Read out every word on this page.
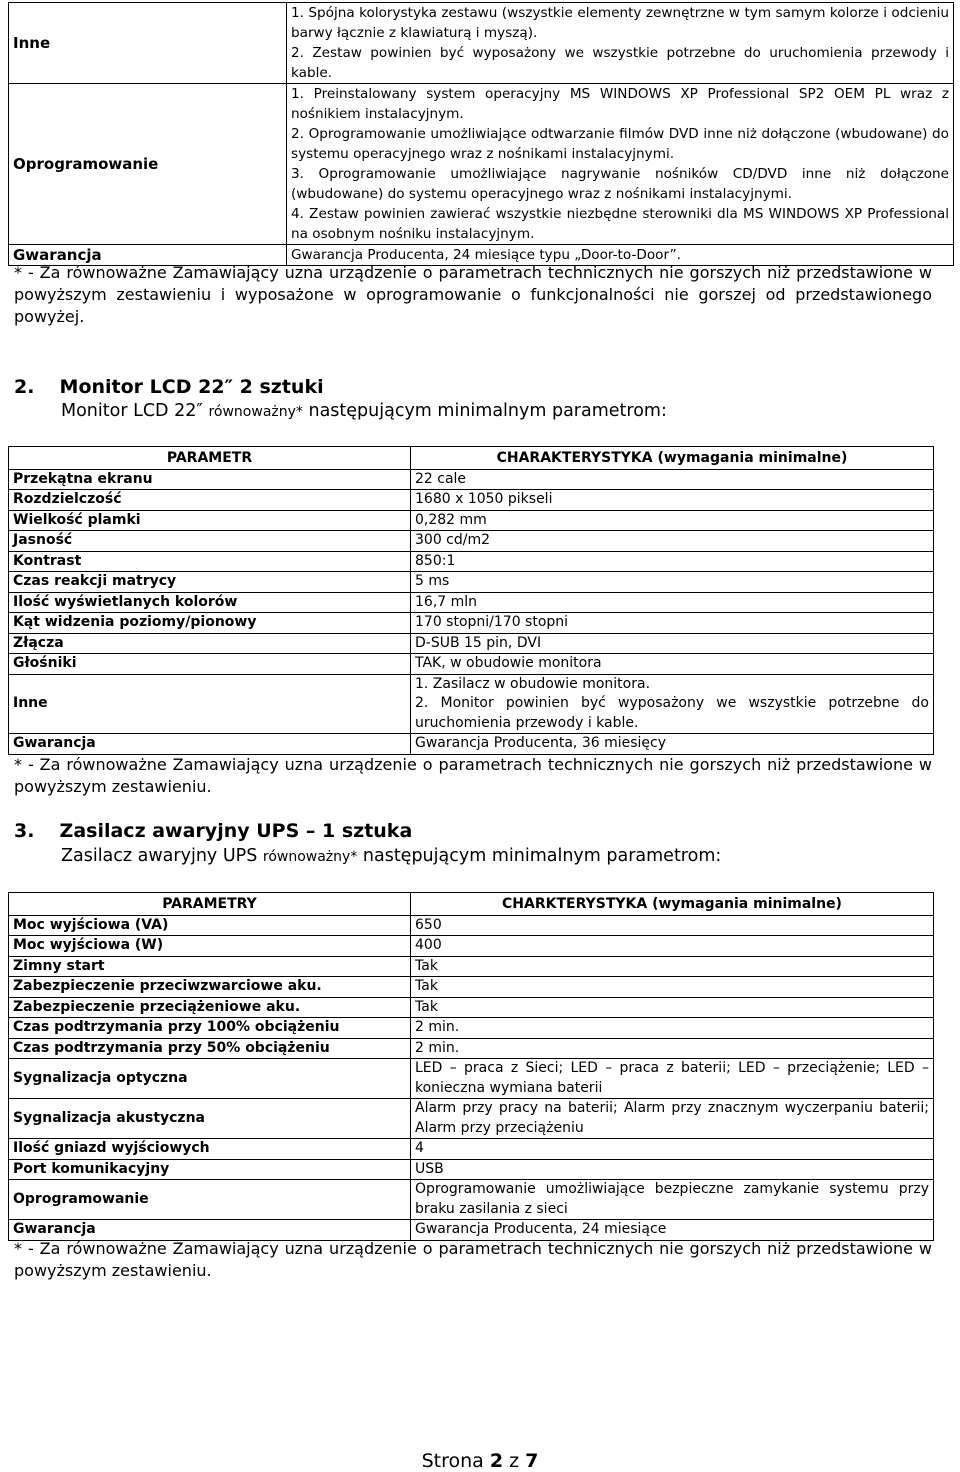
Inne	1. Spójna kolorystyka zestawu (wszystkie elementy zewnętrzne w tym samym kolorze i odcieniu barwy łącznie z klawiaturą i myszą).
2. Zestaw powinien być wyposażony we wszystkie potrzebne do uruchomienia przewody i kable.

Oprogramowanie	1. Preinstalowany system operacyjny MS WINDOWS XP Professional SP2 OEM PL wraz z nośnikiem instalacyjnym.
2. Oprogramowanie umożliwiające odtwarzanie filmów DVD inne niż dołączone (wbudowane) do systemu operacyjnego wraz z nośnikami instalacyjnymi.
3. Oprogramowanie umożliwiające nagrywanie nośników CD/DVD inne niż dołączone (wbudowane) do systemu operacyjnego wraz z nośnikami instalacyjnymi.
4. Zestaw powinien zawierać wszystkie niezbędne sterowniki dla MS WINDOWS XP Professional na osobnym nośniku instalacyjnym.

Gwarancja	Gwarancja Producenta, 24 miesiące typu „Door-to-Door”.
* - Za równoważne Zamawiający uzna urządzenie o parametrach technicznych nie gorszych niż przedstawione w powyższym zestawieniu i wyposażone w oprogramowanie o funkcjonalności nie gorszej od przedstawionego powyżej.
2. Monitor LCD 22″ 2 sztuki
Monitor LCD 22″ równoważny* następującym minimalnym parametrom:
PARAMETR	CHARAKTERYSTYKA (wymagania minimalne)
Przekątna ekranu	22 cale
Rozdzielczość	1680 x 1050 pikseli
Wielkość plamki	0,282 mm
Jasność	300 cd/m2
Kontrast	850:1
Czas reakcji matrycy	5 ms
Ilość wyświetlanych kolorów	16,7 mln
Kąt widzenia poziomy/pionowy	170 stopni/170 stopni
Złącza	D-SUB 15 pin, DVI
Głośniki	TAK, w obudowie monitora
Inne	1. Zasilacz w obudowie monitora.
2. Monitor powinien być wyposażony we wszystkie potrzebne do uruchomienia przewody i kable.

Gwarancja	Gwarancja Producenta, 36 miesięcy
* - Za równoważne Zamawiający uzna urządzenie o parametrach technicznych nie gorszych niż przedstawione w powyższym zestawieniu.
3. Zasilacz awaryjny UPS – 1 sztuka
Zasilacz awaryjny UPS równoważny* następującym minimalnym parametrom:
PARAMETRY	CHARKTERYSTYKA (wymagania minimalne)
Moc wyjściowa (VA)	650
Moc wyjściowa (W)	400
Zimny start	Tak
Zabezpieczenie przeciwzwarciowe aku.	Tak
Zabezpieczenie przeciążeniowe aku.	Tak
Czas podtrzymania przy 100% obciążeniu	2 min.
Czas podtrzymania przy 50% obciążeniu	2 min.
Sygnalizacja optyczna	LED – praca z Sieci; LED – praca z baterii; LED – przeciążenie; LED – konieczna wymiana baterii
Sygnalizacja akustyczna	Alarm przy pracy na baterii; Alarm przy znacznym wyczerpaniu baterii; Alarm przy przeciążeniu
Ilość gniazd wyjściowych	4
Port komunikacyjny	USB
Oprogramowanie	Oprogramowanie umożliwiające bezpieczne zamykanie systemu przy braku zasilania z sieci
Gwarancja	Gwarancja Producenta, 24 miesiące
* - Za równoważne Zamawiający uzna urządzenie o parametrach technicznych nie gorszych niż przedstawione w powyższym zestawieniu.
Strona 2 z 7
